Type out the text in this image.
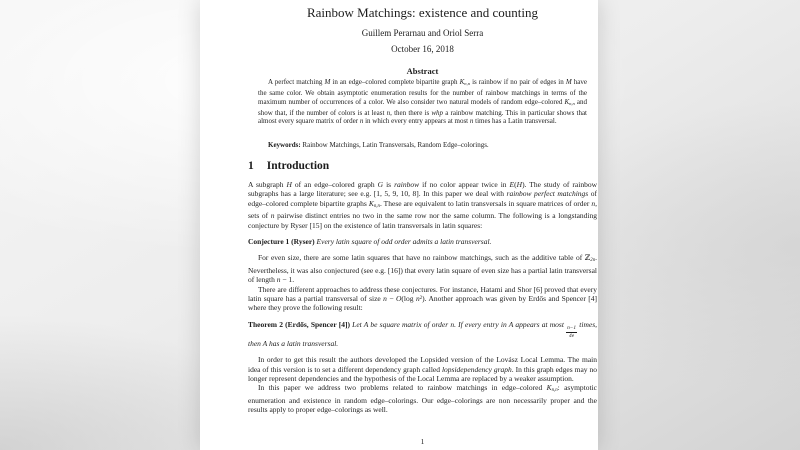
Rainbow Matchings: existence and counting
Guillem Perarnau and Oriol Serra
October 16, 2018
Abstract
A perfect matching M in an edge–colored complete bipartite graph $K_{n,n}$ is rainbow if no pair of edges in M have the same color. We obtain asymptotic enumeration results for the number of rainbow matchings in terms of the maximum number of occurrences of a color. We also consider two natural models of random edge–colored $K_{n,n}$ and show that, if the number of colors is at least n, then there is whp a rainbow matching. This in particular shows that almost every square matrix of order n in which every entry appears at most n times has a Latin transversal.
Keywords: Rainbow Matchings, Latin Transversals, Random Edge–colorings.
1 Introduction

A subgraph H of an edge–colored graph G is rainbow if no color appear twice in E(H). The study of rainbow subgraphs has a large literature; see e.g. [1, 5, 9, 10, 8]. In this paper we deal with rainbow perfect matchings of edge–colored complete bipartite graphs $K_{n,n}$. These are equivalent to latin transversals in square matrices of order n, sets of n pairwise distinct entries no two in the same row nor the same column. The following is a longstanding conjecture by Ryser [15] on the existence of latin transversals in latin squares:

Conjecture 1 (Ryser) Every latin square of odd order admits a latin transversal.

For even size, there are some latin squares that have no rainbow matchings, such as the additive table of ℤ$_{2n}$. Nevertheless, it was also conjectured (see e.g. [16]) that every latin square of even size has a partial latin transversal of length n − 1.

There are different approaches to address these conjectures. For instance, Hatami and Shor [6] proved that every latin square has a partial transversal of size n − O(log $n^2$). Another approach was given by Erdős and Spencer [4] where they prove the following result:

Theorem 2 (Erdős, Spencer [4]) Let A be square matrix of order n. If every entry in A appears at most
$\frac{n-1}{4e}$
times, then A has a latin transversal.

In order to get this result the authors developed the Lopsided version of the Lovász Local Lemma. The main idea of this version is to set a different dependency graph called lopsidependency graph. In this graph edges may no longer represent dependencies and the hypothesis of the Local Lemma are replaced by a weaker assumption.

In this paper we address two problems related to rainbow matchings in edge–colored $K_{n,n}$: asymptotic enumeration and existence in random edge–colorings. Our edge–colorings are non necessarily proper and the results apply to proper edge–colorings as well.

1
